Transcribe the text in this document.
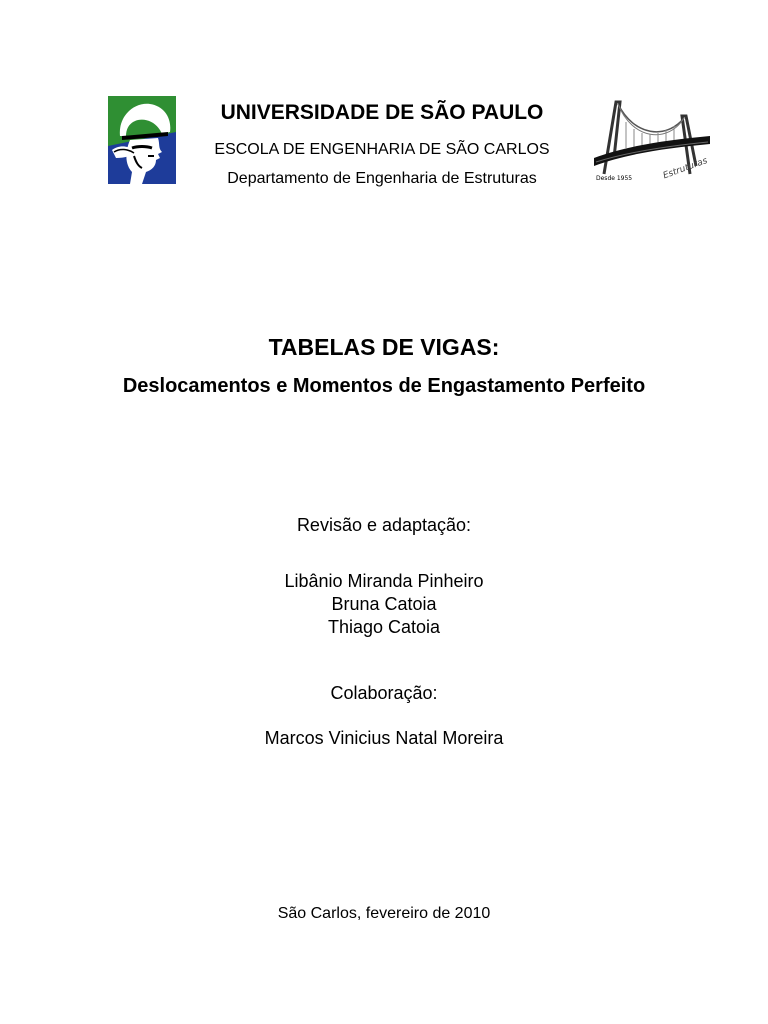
Desde 1955	Estruturas
UNIVERSIDADE DE SÃO PAULO
ESCOLA DE ENGENHARIA DE SÃO CARLOS
Departamento de Engenharia de Estruturas
TABELAS DE VIGAS:
Deslocamentos e Momentos de Engastamento Perfeito
Revisão e adaptação:
Libânio Miranda Pinheiro
Bruna Catoia
Thiago Catoia
Colaboração:
Marcos Vinicius Natal Moreira
São Carlos, fevereiro de 2010
